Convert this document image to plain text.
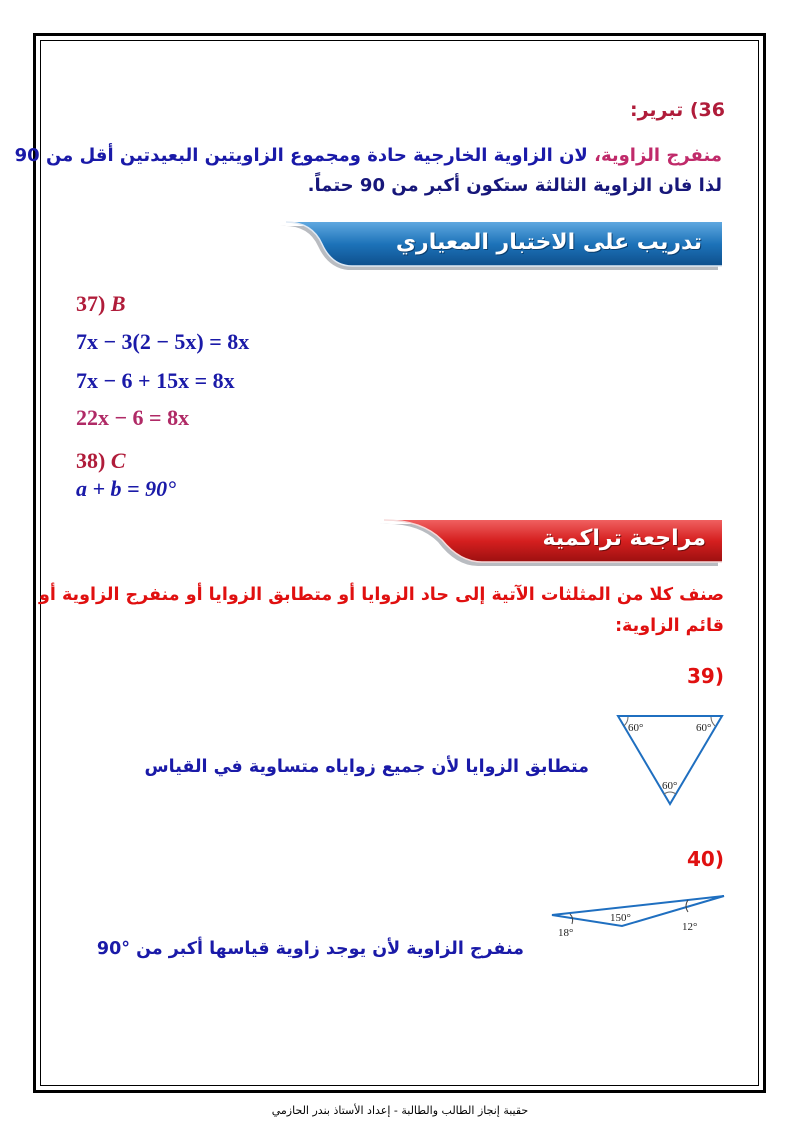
36) تبرير:
منفرج الزاوية، لان الزاوية الخارجية حادة ومجموع الزاويتين البعيدتين أقل من 90
لذا فان الزاوية الثالثة ستكون أكبر من 90 حتماً.
تدريب على الاختبار المعياري
37) B
7x − 3(2 − 5x) = 8x
7x − 6 + 15x = 8x
22x − 6 = 8x
38) C
a + b = 90°
مراجعة تراكمية
صنف كلا من المثلثات الآتية إلى حاد الزوايا أو متطابق الزوايا أو منفرج الزاوية أو
قائم الزاوية:
(39
60°	60°
60°
متطابق الزوايا لأن جميع زواياه متساوية في القياس
(40
18°
150°
12°
منفرج الزاوية لأن يوجد زاوية قياسها أكبر من °90
حقيبة إنجاز الطالب والطالبة - إعداد الأستاذ بندر الحازمي
